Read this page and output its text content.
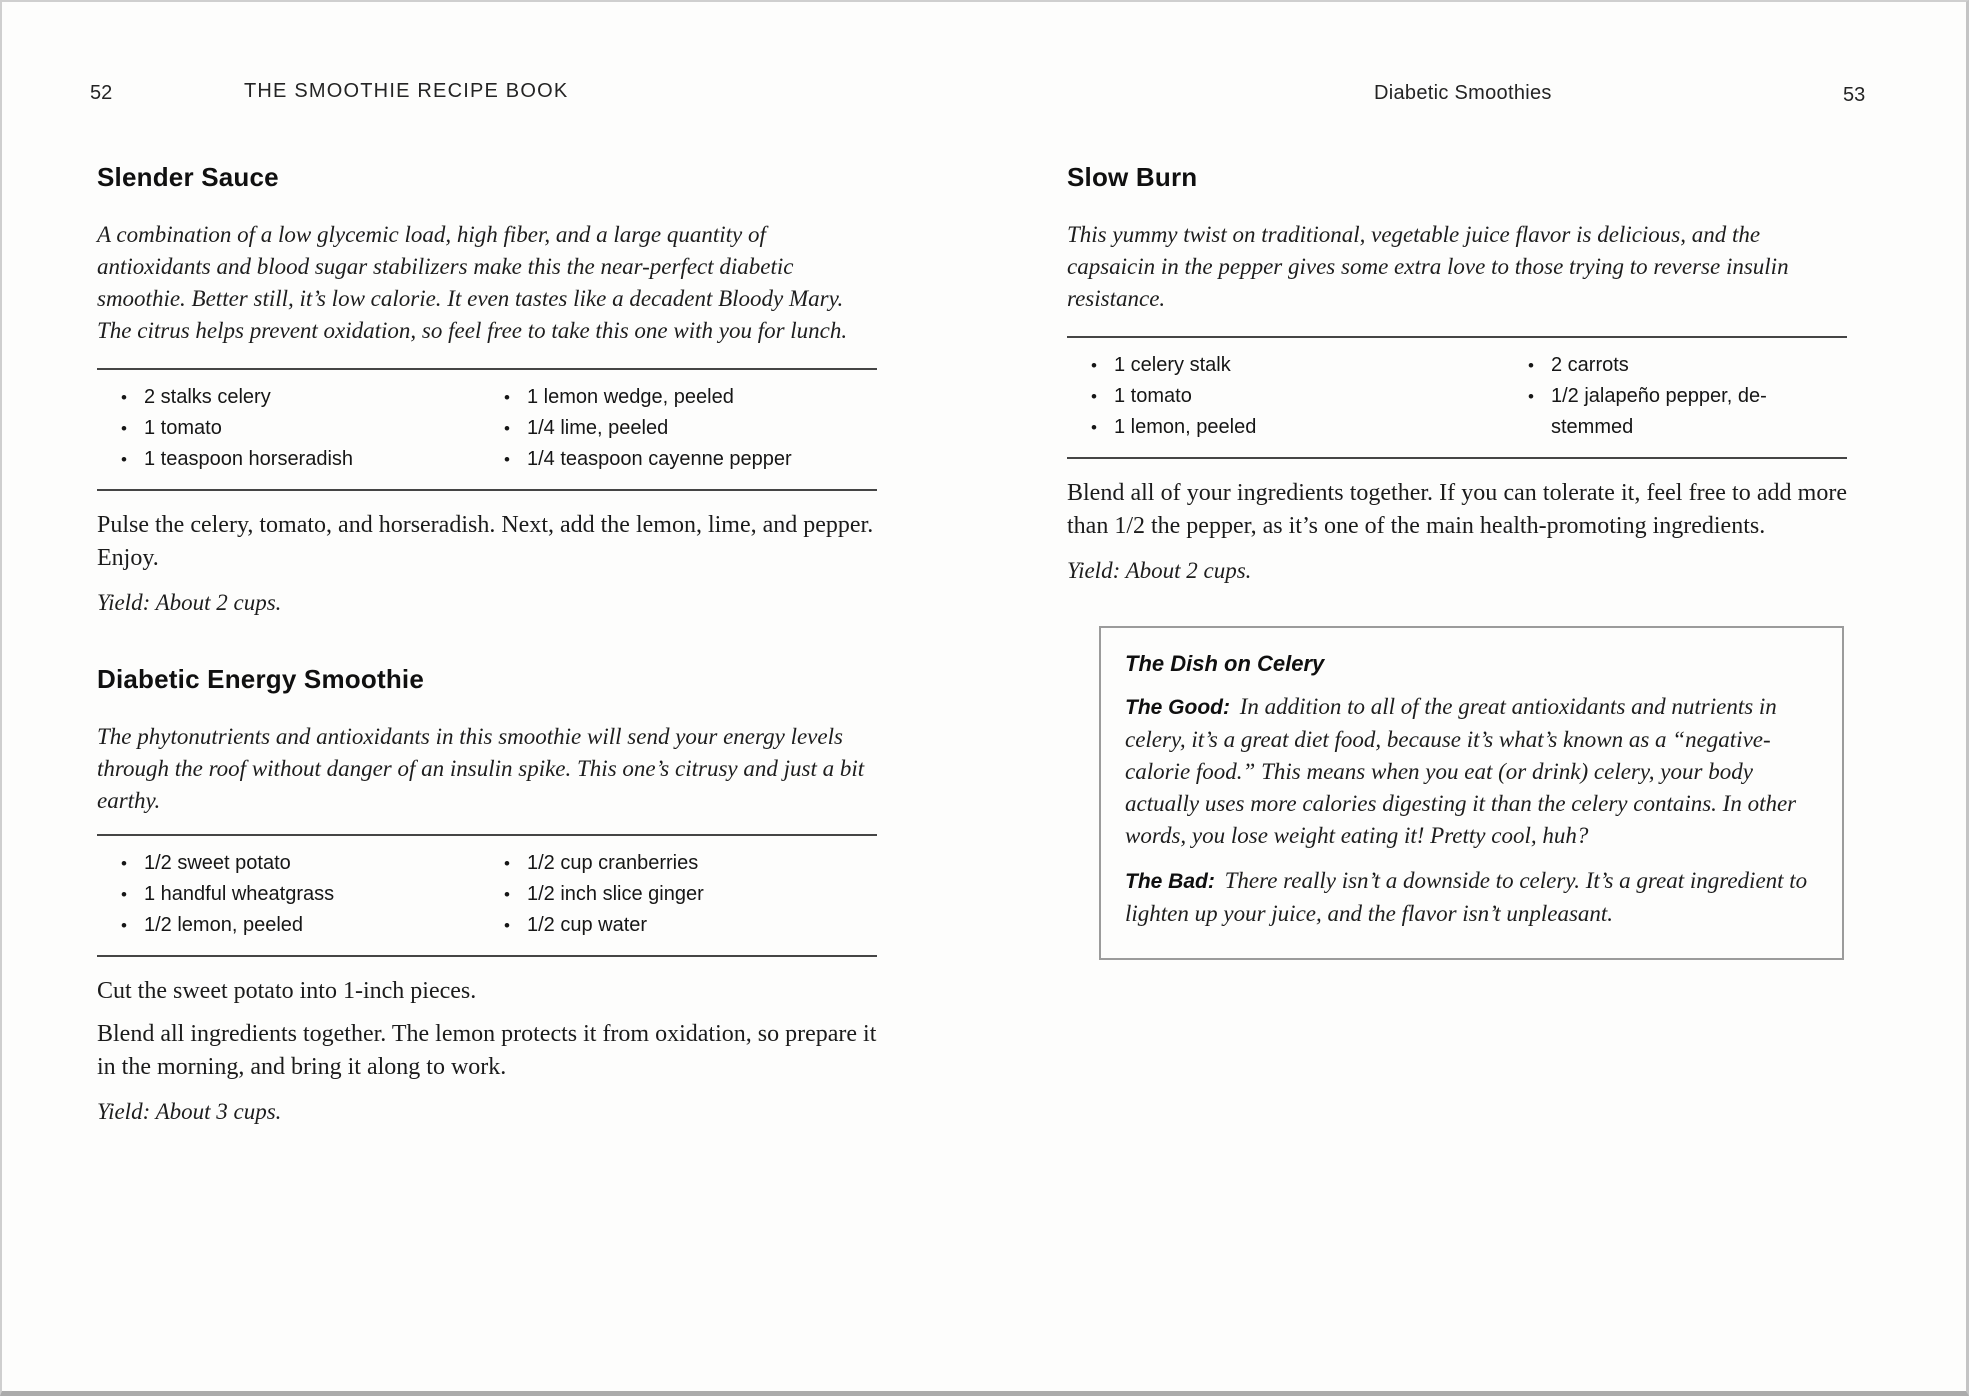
52	THE SMOOTHIE RECIPE BOOK	Diabetic Smoothies	53
Slender Sauce

A combination of a low glycemic load, high fiber, and a large quantity of antioxidants and blood sugar stabilizers make this the near-perfect diabetic smoothie. Better still, it’s low calorie. It even tastes like a decadent Bloody Mary. The citrus helps prevent oxidation, so feel free to take this one with you for lunch.

• 2 stalks celery
• 1 tomato
• 1 teaspoon horseradish
• 1 lemon wedge, peeled
• 1/4 lime, peeled
• 1/4 teaspoon cayenne pepper

Pulse the celery, tomato, and horseradish. Next, add the lemon, lime, and pepper. Enjoy.

Yield: About 2 cups.

Diabetic Energy Smoothie

The phytonutrients and antioxidants in this smoothie will send your energy levels through the roof without danger of an insulin spike. This one’s citrusy and just a bit earthy.

• 1/2 sweet potato
• 1 handful wheatgrass
• 1/2 lemon, peeled
• 1/2 cup cranberries
• 1/2 inch slice ginger
• 1/2 cup water

Cut the sweet potato into 1-inch pieces.

Blend all ingredients together. The lemon protects it from oxidation, so prepare it in the morning, and bring it along to work.

Yield: About 3 cups.

Slow Burn

This yummy twist on traditional, vegetable juice flavor is delicious, and the capsaicin in the pepper gives some extra love to those trying to reverse insulin resistance.

• 1 celery stalk
• 1 tomato
• 1 lemon, peeled
• 2 carrots
• 1/2 jalapeño pepper, de-stemmed

Blend all of your ingredients together. If you can tolerate it, feel free to add more than 1/2 the pepper, as it’s one of the main health-promoting ingredients.

Yield: About 2 cups.

The Dish on Celery

The Good: In addition to all of the great antioxidants and nutrients in celery, it’s a great diet food, because it’s what’s known as a “negative-calorie food.” This means when you eat (or drink) celery, your body actually uses more calories digesting it than the celery contains. In other words, you lose weight eating it! Pretty cool, huh?

The Bad: There really isn’t a downside to celery. It’s a great ingredient to lighten up your juice, and the flavor isn’t unpleasant.
